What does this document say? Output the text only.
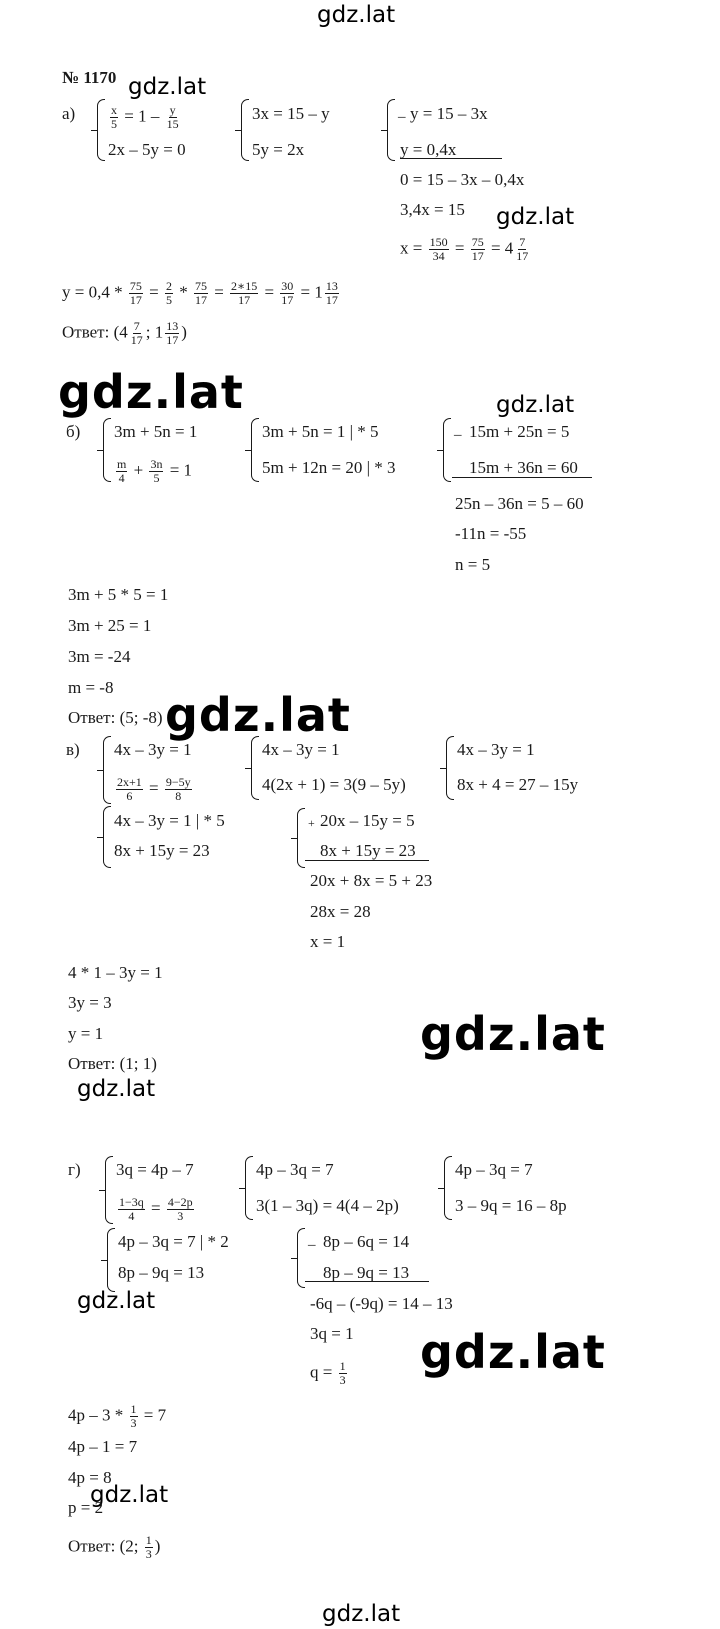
gdz.lat
gdz.lat
gdz.lat
gdz.lat	gdz.lat
gdz.lat
gdz.lat
gdz.lat
gdz.lat
gdz.lat
gdz.lat
gdz.lat
№ 1170
а)	$\frac{x}{5} = 1 - \frac{y}{15}$
2x – 5y = 0
3x = 15 – y
5y = 2x
_ y = 15 – 3x
y = 0,4x
0 = 15 – 3x – 0,4x
3,4x = 15
$x = \frac{150}{34} = \frac{75}{17} = 4 \frac{7}{17}$
$y = 0,4 * \frac{75}{17} = \frac{2}{5} * \frac{75}{17} = \frac{2∗15}{17} = \frac{30}{17} = 1 \frac{13}{17}$
Ответ: ($4 \frac{7}{17}$ ; $1 \frac{13}{17}$ )
б) 3m + 5n = 1
$\frac{m}{4} + \frac{3n}{5} = 1$
3m + 5n = 1 | * 5
5m + 12n = 20 | * 3
_ 15m + 25n = 5
15m + 36n = 60
25n – 36n = 5 – 60
-11n = -55
n = 5
3m + 5 * 5 = 1
3m + 25 = 1
3m = -24
m = -8
Ответ: (5; -8)
в) 4x – 3y = 1
$\frac{2x+1}{6} = \frac{9-5y}{8}$
4x – 3y = 1
4(2x + 1) = 3(9 – 5y)
4x – 3y = 1
8x + 4 = 27 – 15y
4x – 3y = 1 | * 5
8x + 15y = 23
+ 20x – 15y = 5
8x + 15y = 23
20x + 8x = 5 + 23
28x = 28
x = 1
4 * 1 – 3y = 1
3y = 3
y = 1
Ответ: (1; 1)
г) 3q = 4p – 7
$\frac{1-3q}{4} = \frac{4-2p}{3}$
4p – 3q = 7
3(1 – 3q) = 4(4 – 2p)
4p – 3q = 7
3 – 9q = 16 – 8p
4p – 3q = 7 | * 2
8p – 9q = 13
_ 8p – 6q = 14
8p – 9q = 13
-6q – (-9q) = 14 – 13
3q = 1
$q = \frac{1}{3}$
$4p - 3 * \frac{1}{3} = 7$
4p – 1 = 7
4p = 8
p = 2
Ответ: (2; $\frac{1}{3}$ )
